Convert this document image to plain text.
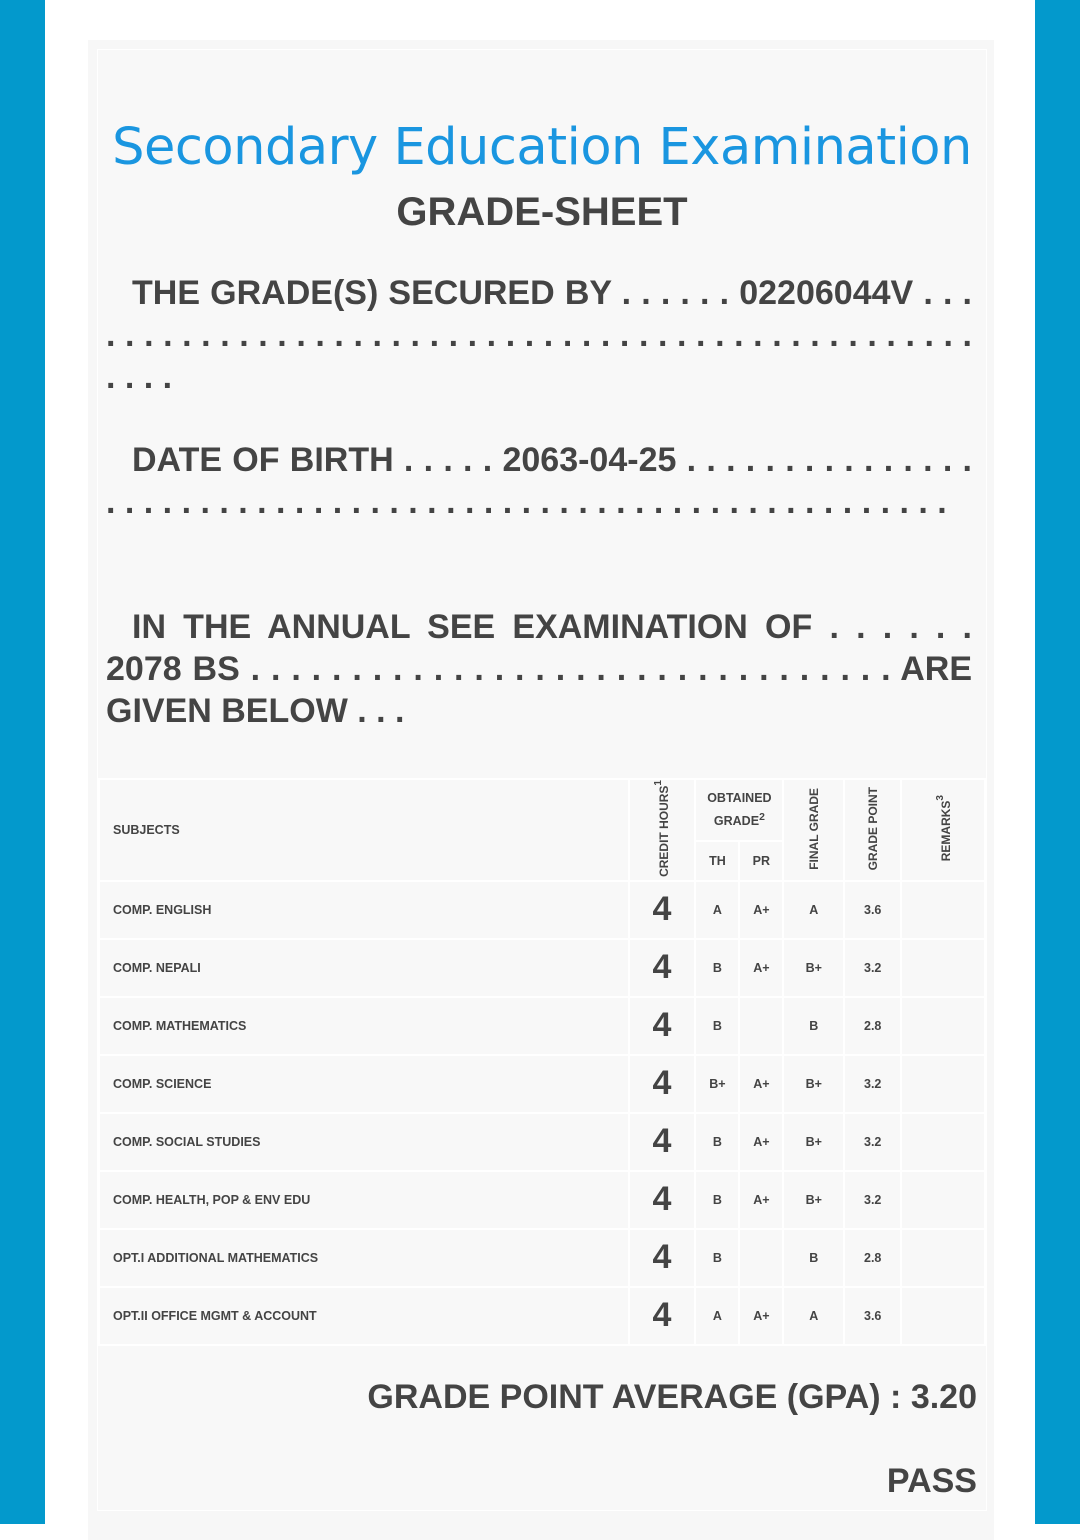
Secondary Education Examination
GRADE-SHEET
THE GRADE(S) SECURED BY . . . . . . 02206044V . . . . . . . . . . . . . . . . . . . . . . . . . . . . . . . . . . . . . . . . . . . . . . . . . . . . .
DATE OF BIRTH . . . . . 2063-04-25 . . . . . . . . . . . . . . . . . . . . . . . . . . . . . . . . . . . . . . . . . . . . . . . . . . . . . . . . . . . .
IN THE ANNUAL SEE EXAMINATION OF . . . . . . 2078 BS . . . . . . . . . . . . . . . . . . . . . . . . . . . . . . . . ARE GIVEN BELOW . . .
SUBJECTS	CREDIT HOURS$^1$	OBTAINED GRADE$^2$		FINAL GRADE	GRADE POINT	REMARKS$^3$
		TH	PR			
COMP. ENGLISH	4	A	A+	A	3.6	
COMP. NEPALI	4	B	A+	B+	3.2	
COMP. MATHEMATICS	4	B		B	2.8	
COMP. SCIENCE	4	B+	A+	B+	3.2	
COMP. SOCIAL STUDIES	4	B	A+	B+	3.2	
COMP. HEALTH, POP & ENV EDU	4	B	A+	B+	3.2	
OPT.I ADDITIONAL MATHEMATICS	4	B		B	2.8	
OPT.II OFFICE MGMT & ACCOUNT	4	A	A+	A	3.6	
GRADE POINT AVERAGE (GPA) : 3.20
PASS
